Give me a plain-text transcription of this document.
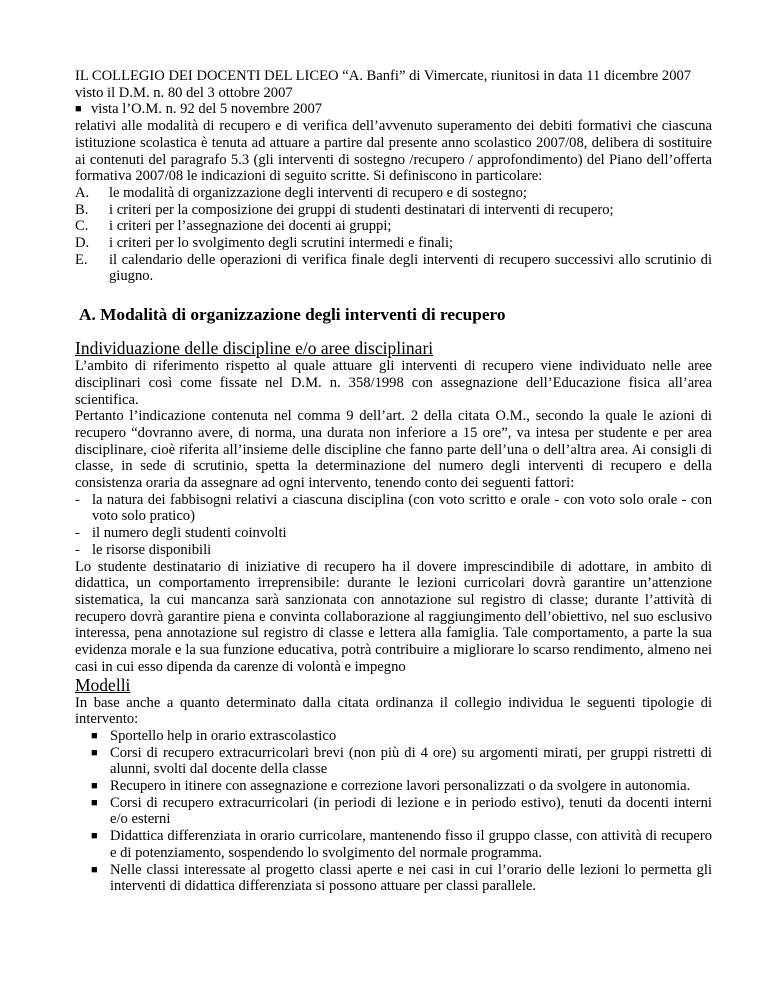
IL COLLEGIO DEI DOCENTI DEL LICEO “A. Banfi” di Vimercate, riunitosi in data 11 dicembre 2007

visto il D.M. n. 80 del 3 ottobre 2007

■ vista l’O.M. n. 92 del 5 novembre 2007

relativi alle modalità di recupero e di verifica dell’avvenuto superamento dei debiti formativi che ciascuna istituzione scolastica è tenuta ad attuare a partire dal presente anno scolastico 2007/08, delibera di sostituire ai contenuti del paragrafo 5.3 (gli interventi di sostegno /recupero / approfondimento) del Piano dell’offerta formativa 2007/08 le indicazioni di seguito scritte. Si definiscono in particolare:

A.	le modalità di organizzazione degli interventi di recupero e di sostegno;
B.	i criteri per la composizione dei gruppi di studenti destinatari di interventi di recupero;
C.	i criteri per l’assegnazione dei docenti ai gruppi;
D.	i criteri per lo svolgimento degli scrutini intermedi e finali;
E.	il calendario delle operazioni di verifica finale degli interventi di recupero successivi allo scrutinio di giugno.
A. Modalità di organizzazione degli interventi di recupero
Individuazione delle discipline e/o aree disciplinari

L’ambito di riferimento rispetto al quale attuare gli interventi di recupero viene individuato nelle aree disciplinari così come fissate nel D.M. n. 358/1998 con assegnazione dell’Educazione fisica all’area scientifica.

Pertanto l’indicazione contenuta nel comma 9 dell’art. 2 della citata O.M., secondo la quale le azioni di recupero “dovranno avere, di norma, una durata non inferiore a 15 ore”, va intesa per studente e per area disciplinare, cioè riferita all’insieme delle discipline che fanno parte dell’una o dell’altra area. Ai consigli di classe, in sede di scrutinio, spetta la determinazione del numero degli interventi di recupero e della consistenza oraria da assegnare ad ogni intervento, tenendo conto dei seguenti fattori:

- la natura dei fabbisogni relativi a ciascuna disciplina (con voto scritto e orale - con voto solo orale - con voto solo pratico)
- il numero degli studenti coinvolti
- le risorse disponibili

Lo studente destinatario di iniziative di recupero ha il dovere imprescindibile di adottare, in ambito di didattica, un comportamento irreprensibile: durante le lezioni curricolari dovrà garantire un’attenzione sistematica, la cui mancanza sarà sanzionata con annotazione sul registro di classe; durante l’attività di recupero dovrà garantire piena e convinta collaborazione al raggiungimento dell’obiettivo, nel suo esclusivo interessa, pena annotazione sul registro di classe e lettera alla famiglia. Tale comportamento, a parte la sua evidenza morale e la sua funzione educativa, potrà contribuire a migliorare lo scarso rendimento, almeno nei casi in cui esso dipenda da carenze di volontà e impegno

Modelli

In base anche a quanto determinato dalla citata ordinanza il collegio individua le seguenti tipologie di intervento:

■ Sportello help in orario extrascolastico
■ Corsi di recupero extracurricolari brevi (non più di 4 ore) su argomenti mirati, per gruppi ristretti di alunni, svolti dal docente della classe
■ Recupero in itinere con assegnazione e correzione lavori personalizzati o da svolgere in autonomia.
■ Corsi di recupero extracurricolari (in periodi di lezione e in periodo estivo), tenuti da docenti interni e/o esterni
■ Didattica differenziata in orario curricolare, mantenendo fisso il gruppo classe, con attività di recupero e di potenziamento, sospendendo lo svolgimento del normale programma.
■ Nelle classi interessate al progetto classi aperte e nei casi in cui l’orario delle lezioni lo permetta gli interventi di didattica differenziata si possono attuare per classi parallele.
